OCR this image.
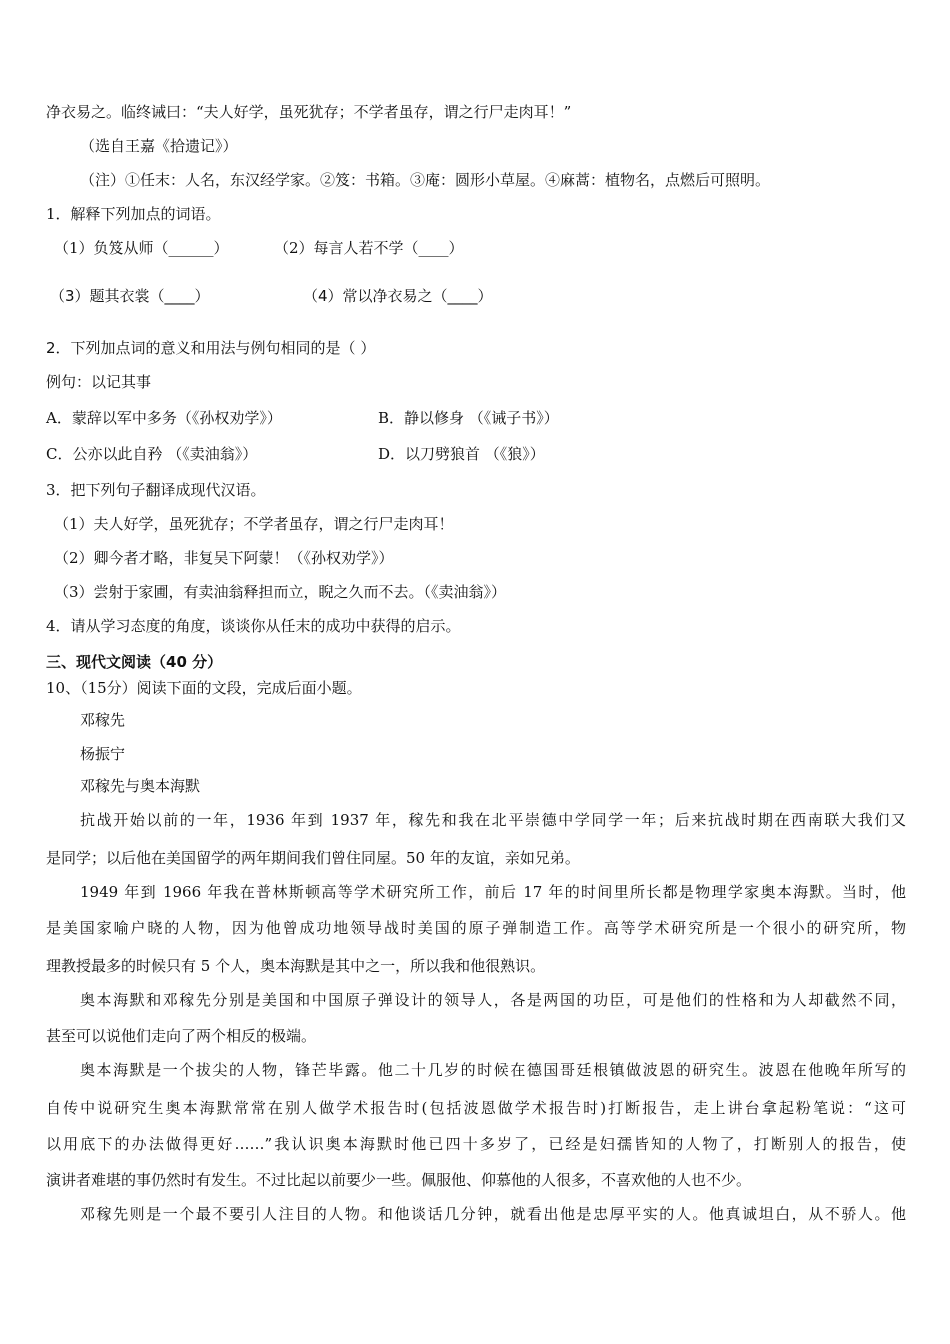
净衣易之。临终诫曰：“夫人好学，虽死犹存；不学者虽存，谓之行尸走肉耳！”
（选自王嘉《拾遗记》）
（注）①任末：人名，东汉经学家。②笈：书箱。③庵：圆形小草屋。④麻蒿：植物名，点燃后可照明。
1．解释下列加点的词语。
（1）负笈从师（______）	（2）每言人若不学（____）
（3）题其衣裳（____）	（4）常以净衣易之（____）
2．下列加点词的意义和用法与例句相同的是（ ）
例句：以记其事
A．蒙辞以军中多务（《孙权劝学》）	B．静以修身 （《诫子书》）
C．公亦以此自矜 （《卖油翁》）	D．以刀劈狼首 （《狼》）
3．把下列句子翻译成现代汉语。
（1）夫人好学，虽死犹存；不学者虽存，谓之行尸走肉耳！
（2）卿今者才略，非复吴下阿蒙！（《孙权劝学》）
（3）尝射于家圃，有卖油翁释担而立，睨之久而不去。（《卖油翁》）
4．请从学习态度的角度，谈谈你从任末的成功中获得的启示。
三、现代文阅读（40 分）
10、（15分）阅读下面的文段，完成后面小题。
邓稼先
杨振宁
邓稼先与奥本海默
抗战开始以前的一年，1936 年到 1937 年，稼先和我在北平崇德中学同学一年；后来抗战时期在西南联大我们又
是同学；以后他在美国留学的两年期间我们曾住同屋。50 年的友谊，亲如兄弟。
1949 年到 1966 年我在普林斯顿高等学术研究所工作，前后 17 年的时间里所长都是物理学家奥本海默。当时，他
是美国家喻户晓的人物，因为他曾成功地领导战时美国的原子弹制造工作。高等学术研究所是一个很小的研究所，物
理教授最多的时候只有 5 个人，奥本海默是其中之一，所以我和他很熟识。
奥本海默和邓稼先分别是美国和中国原子弹设计的领导人，各是两国的功臣，可是他们的性格和为人却截然不同，
甚至可以说他们走向了两个相反的极端。
奥本海默是一个拔尖的人物，锋芒毕露。他二十几岁的时候在德国哥廷根镇做波恩的研究生。波恩在他晚年所写的
自传中说研究生奥本海默常常在别人做学术报告时(包括波恩做学术报告时)打断报告，走上讲台拿起粉笔说：“这可
以用底下的办法做得更好……”我认识奥本海默时他已四十多岁了，已经是妇孺皆知的人物了，打断别人的报告，使
演讲者难堪的事仍然时有发生。不过比起以前要少一些。佩服他、仰慕他的人很多，不喜欢他的人也不少。
邓稼先则是一个最不要引人注目的人物。和他谈话几分钟，就看出他是忠厚平实的人。他真诚坦白，从不骄人。他
